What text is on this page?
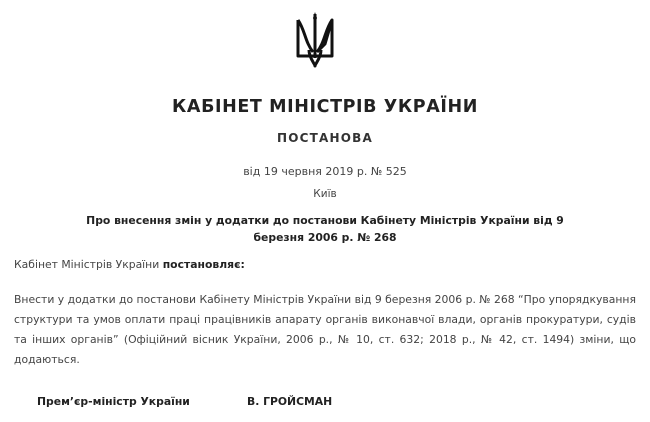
КАБІНЕТ МІНІСТРІВ УКРАЇНИ
ПОСТАНОВА
від 19 червня 2019 р. № 525
Київ
Про внесення змін у додатки до постанови Кабінету Міністрів України від 9 березня 2006 р. № 268
Кабінет Міністрів України постановляє:
Внести у додатки до постанови Кабінету Міністрів України від 9 березня 2006 р. № 268 “Про упорядкування структури та умов оплати праці працівників апарату органів виконавчої влади, органів прокуратури, судів та інших органів” (Офіційний вісник України, 2006 р., № 10, ст. 632; 2018 р., № 42, ст. 1494) зміни, що додаються.
Прем’єр-міністр України	В. ГРОЙСМАН
